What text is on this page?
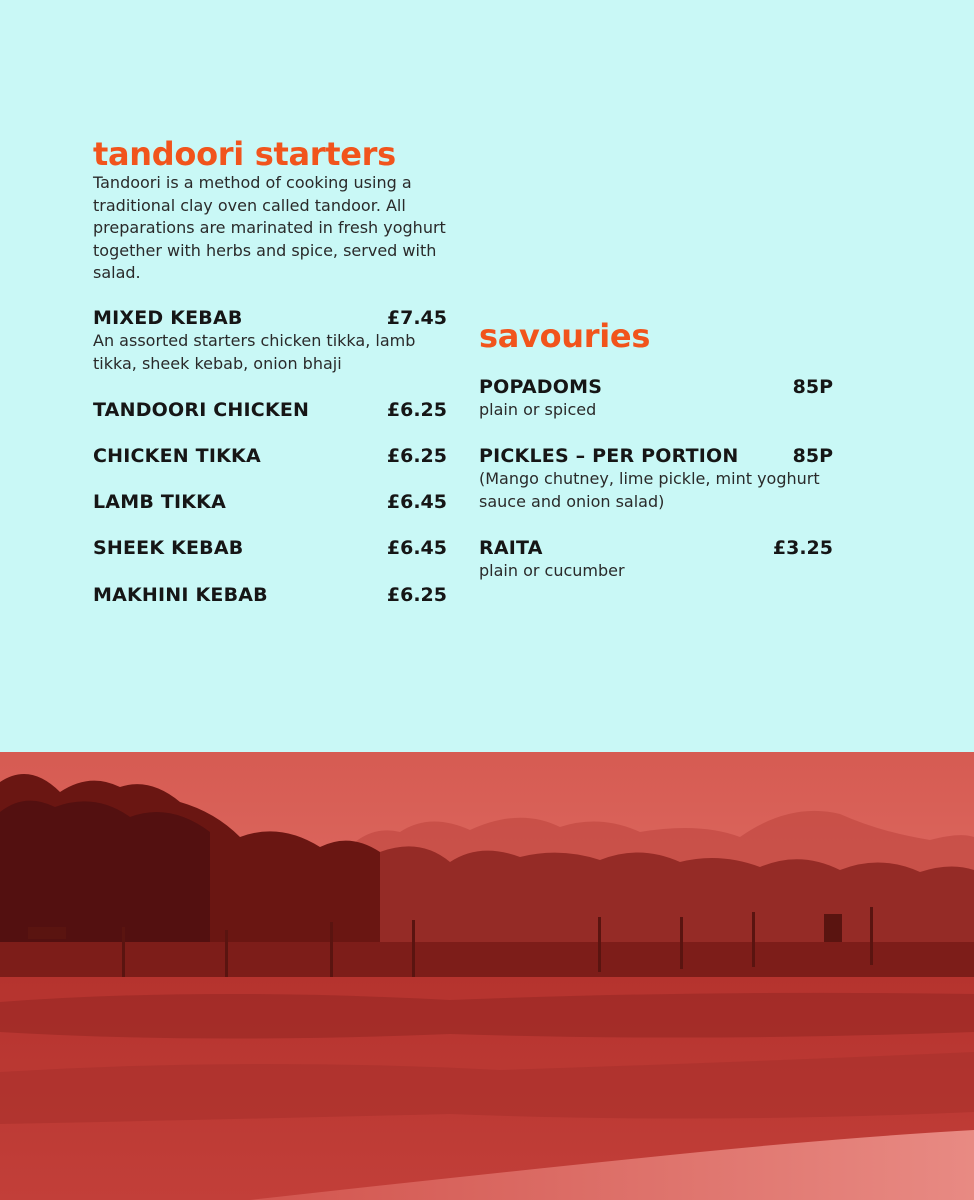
tandoori starters

Tandoori is a method of cooking using a traditional clay oven called tandoor. All preparations are marinated in fresh yoghurt together with herbs and spice, served with salad.

MIXED KEBAB	£7.45

An assorted starters chicken tikka, lamb tikka, sheek kebab, onion bhaji

TANDOORI CHICKEN	£6.25
CHICKEN TIKKA	£6.25
LAMB TIKKA	£6.45
SHEEK KEBAB	£6.45
MAKHINI KEBAB	£6.25
savouries
POPADOMS	85P

plain or spiced

PICKLES – PER PORTION	85P

(Mango chutney, lime pickle, mint yoghurt sauce and onion salad)

RAITA	£3.25

plain or cucumber
